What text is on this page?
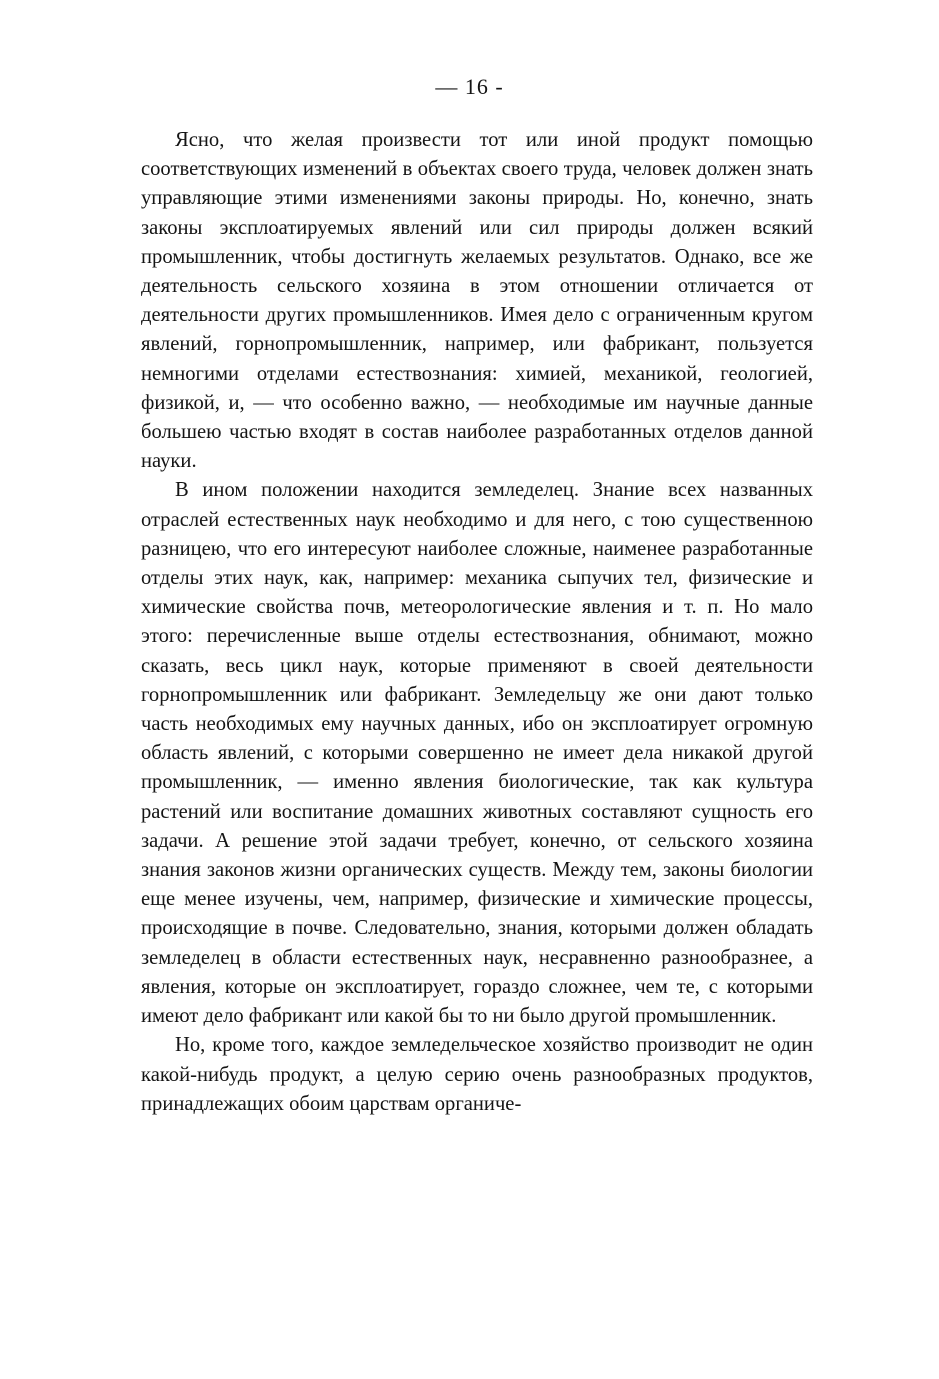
— 16 -

Ясно, что желая произвести тот или иной продукт помощью соответствующих изменений в объектах своего труда, человек должен знать управляющие этими изменениями законы природы. Но, конечно, знать законы эксплоатируемых явлений или сил природы должен всякий промышленник, чтобы достигнуть желаемых результатов. Однако, все же деятельность сельского хозяина в этом отношении отличается от деятельности других промышленников. Имея дело с ограниченным кругом явлений, горнопромышленник, например, или фабрикант, пользуется немногими отделами естествознания: химией, механикой, геологией, физикой, и, — что особенно важно, — необходимые им научные данные большею частью входят в состав наиболее разработанных отделов данной науки.

В ином положении находится земледелец. Знание всех названных отраслей естественных наук необходимо и для него, с тою существенною разницею, что его интересуют наиболее сложные, наименее разработанные отделы этих наук, как, например: механика сыпучих тел, физические и химические свойства почв, метеорологические явления и т. п. Но мало этого: перечисленные выше отделы естествознания, обнимают, можно сказать, весь цикл наук, которые применяют в своей деятельности горнопромышленник или фабрикант. Земледельцу же они дают только часть необходимых ему научных данных, ибо он эксплоатирует огромную область явлений, с которыми совершенно не имеет дела никакой другой промышленник, — именно явления биологические, так как культура растений или воспитание домашних животных составляют сущность его задачи. А решение этой задачи требует, конечно, от сельского хозяина знания законов жизни органических существ. Между тем, законы биологии еще менее изучены, чем, например, физические и химические процессы, происходящие в почве. Следовательно, знания, которыми должен обладать земледелец в области естественных наук, несравненно разнообразнее, а явления, которые он эксплоатирует, гораздо сложнее, чем те, с которыми имеют дело фабрикант или какой бы то ни было другой промышленник.

Но, кроме того, каждое земледельческое хозяйство производит не один какой-нибудь продукт, а целую серию очень разнообразных продуктов, принадлежащих обоим царствам органиче-
